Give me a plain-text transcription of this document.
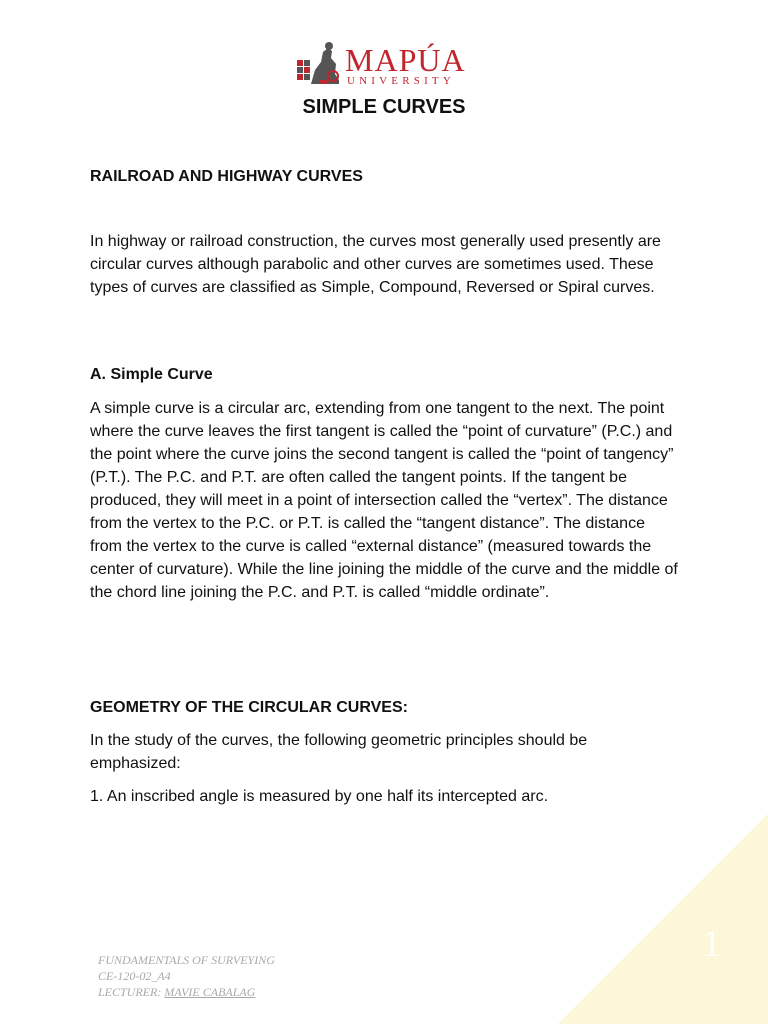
MAPÚA
UNIVERSITY
SIMPLE CURVES
RAILROAD AND HIGHWAY CURVES
In highway or railroad construction, the curves most generally used presently are circular curves although parabolic and other curves are sometimes used. These types of curves are classified as Simple, Compound, Reversed or Spiral curves.
A. Simple Curve
A simple curve is a circular arc, extending from one tangent to the next. The point where the curve leaves the first tangent is called the “point of curvature” (P.C.) and the point where the curve joins the second tangent is called the “point of tangency” (P.T.). The P.C. and P.T. are often called the tangent points. If the tangent be produced, they will meet in a point of intersection called the “vertex”. The distance from the vertex to the P.C. or P.T. is called the “tangent distance”. The distance from the vertex to the curve is called “external distance” (measured towards the center of curvature). While the line joining the middle of the curve and the middle of the chord line joining the P.C. and P.T. is called “middle ordinate”.
GEOMETRY OF THE CIRCULAR CURVES:
In the study of the curves, the following geometric principles should be emphasized:
1. An inscribed angle is measured by one half its intercepted arc.
1
FUNDAMENTALS OF SURVEYING
CE-120-02_A4
LECTURER: MAVIE CABALAG
